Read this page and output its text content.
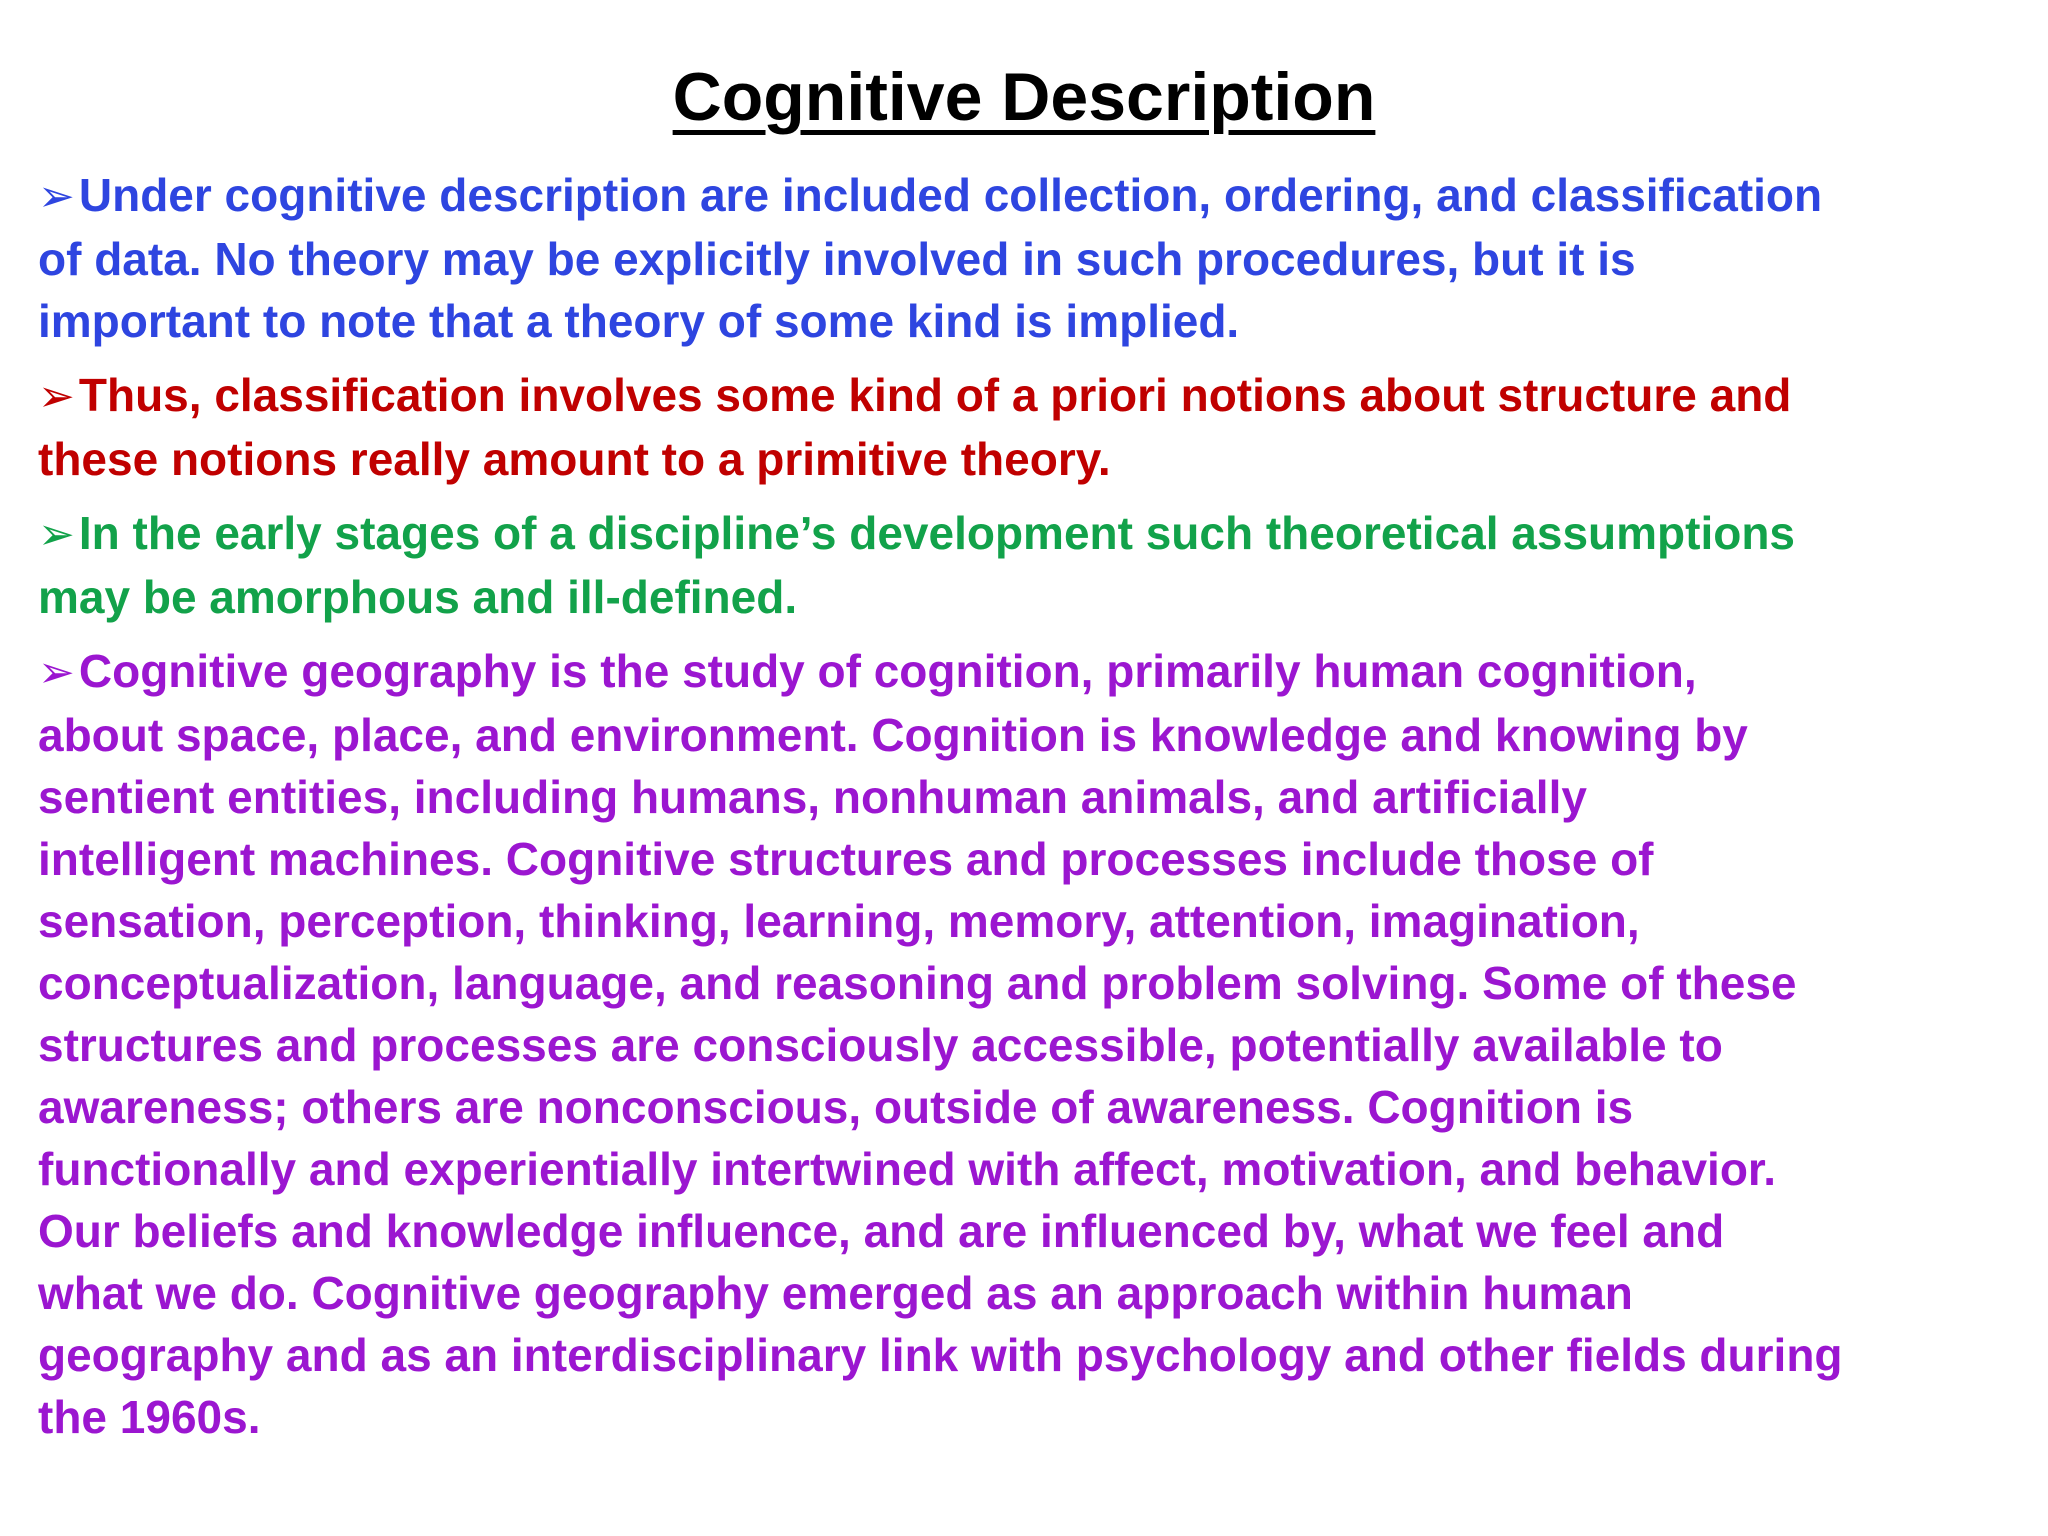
Cognitive Description
➢Under cognitive description are included collection, ordering, and classification
of data. No theory may be explicitly involved in such procedures, but it is
important to note that a theory of some kind is implied.
➢Thus, classification involves some kind of a priori notions about structure and
these notions really amount to a primitive theory.
➢In the early stages of a discipline’s development such theoretical assumptions
may be amorphous and ill-defined.
➢Cognitive geography is the study of cognition, primarily human cognition,
about space, place, and environment. Cognition is knowledge and knowing by
sentient entities, including humans, nonhuman animals, and artificially
intelligent machines. Cognitive structures and processes include those of
sensation, perception, thinking, learning, memory, attention, imagination,
conceptualization, language, and reasoning and problem solving. Some of these
structures and processes are consciously accessible, potentially available to
awareness; others are nonconscious, outside of awareness. Cognition is
functionally and experientially intertwined with affect, motivation, and behavior.
Our beliefs and knowledge influence, and are influenced by, what we feel and
what we do. Cognitive geography emerged as an approach within human
geography and as an interdisciplinary link with psychology and other fields during
the 1960s.
